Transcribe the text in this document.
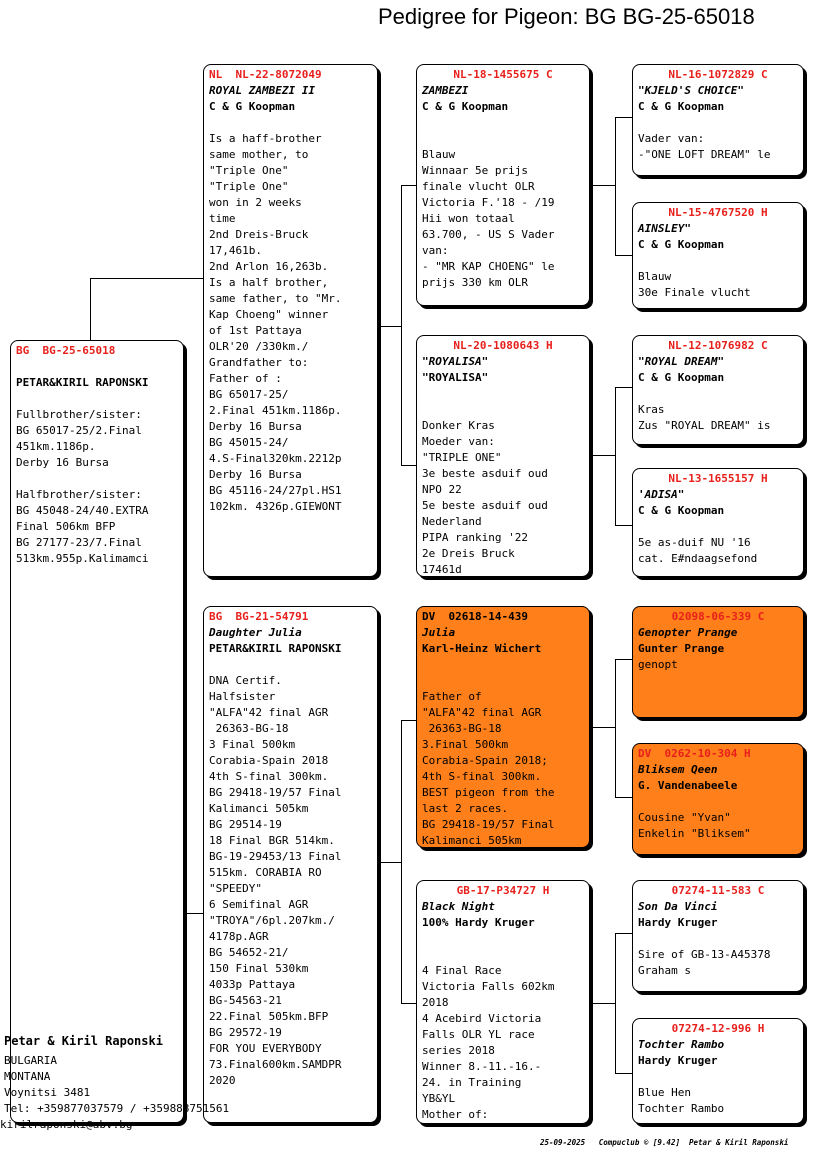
Pedigree for Pigeon: BG BG-25-65018
BG  BG-25-65018
PETAR&KIRIL RAPONSKI
Fullbrother/sister:
BG 65017-25/2.Final
451km.1186p.
Derby 16 Bursa

Halfbrother/sister:
BG 45048-24/40.EXTRA
Final 506km BFP
BG 27177-23/7.Final
513km.955p.Kalimamci
NL  NL-22-8072049
ROYAL ZAMBEZI II
C & G Koopman
Is a haff-brother
same mother, to
"Triple One"
"Triple One"
won in 2 weeks
time
2nd Dreis-Bruck
17,461b.
2nd Arlon 16,263b.
Is a half brother,
same father, to "Mr.
Kap Choeng" winner
of 1st Pattaya
OLR'20 /330km./
Grandfather to:
Father of :
BG 65017-25/
2.Final 451km.1186p.
Derby 16 Bursa
BG 45015-24/
4.S-Final320km.2212p
Derby 16 Bursa
BG 45116-24/27pl.HS1
102km. 4326p.GIEWONT
BG  BG-21-54791
Daughter Julia
PETAR&KIRIL RAPONSKI
DNA Certif.
Halfsister
"ALFA"42 final AGR
26363-BG-18
3 Final 500km
Corabia-Spain 2018
4th S-final 300km.
BG 29418-19/57 Final
Kalimanci 505km
BG 29514-19
18 Final BGR 514km.
BG-19-29453/13 Final
515km. CORABIA RO
"SPEEDY"
6 Semifinal AGR
"TROYA"/6pl.207km./
4178p.AGR
BG 54652-21/
150 Final 530km
4033p Pattaya
BG-54563-21
22.Final 505km.BFP
BG 29572-19
FOR YOU EVERYBODY
73.Final600km.SAMDPR
2020
NL-18-1455675 C
ZAMBEZI
C & G Koopman

Blauw
Winnaar 5e prijs
finale vlucht OLR
Victoria F.'18 - /19
Hii won totaal
63.700, - US S Vader
van:
- "MR KAP CHOENG" le
prijs 330 km OLR
NL-20-1080643 H
"ROYALISA"
"ROYALISA"

Donker Kras
Moeder van:
"TRIPLE ONE"
3e beste asduif oud
NPO 22
5e beste asduif oud
Nederland
PIPA ranking '22
2e Dreis Bruck
17461d
DV  02618-14-439
Julia
Karl-Heinz Wichert

Father of
"ALFA"42 final AGR
26363-BG-18
3.Final 500km
Corabia-Spain 2018;
4th S-final 300km.
BEST pigeon from the
last 2 races.
BG 29418-19/57 Final
Kalimanci 505km
GB-17-P34727 H
Black Night
100% Hardy Kruger

4 Final Race
Victoria Falls 602km
2018
4 Acebird Victoria
Falls OLR YL race
series 2018
Winner 8.-11.-16.-
24. in Training
YB&YL
Mother of:
NL-16-1072829 C
"KJELD'S CHOICE"
C & G Koopman

Vader van:
-"ONE LOFT DREAM" le
NL-15-4767520 H
AINSLEY"
C & G Koopman

Blauw
30e Finale vlucht
NL-12-1076982 C
"ROYAL DREAM"
C & G Koopman

Kras
Zus "ROYAL DREAM" is
NL-13-1655157 H
'ADISA"
C & G Koopman

5e as-duif NU '16
cat. E#ndaagsefond
02098-06-339 C
Genopter Prange
Gunter Prange
genopt
DV  0262-10-304 H
Bliksem Qeen
G. Vandenabeele

Cousine "Yvan"
Enkelin "Bliksem"
07274-11-583 C
Son Da Vinci
Hardy Kruger

Sire of GB-13-A45378
Graham s
07274-12-996 H
Tochter Rambo
Hardy Kruger

Blue Hen
Tochter Rambo
Petar & Kiril Raponski
BULGARIA
MONTANA
Voynitsi 3481
Tel: +359877037579 / +359888751561
kirilraponski@abv.bg
25-09-2025   Compuclub © [9.42]  Petar & Kiril Raponski
